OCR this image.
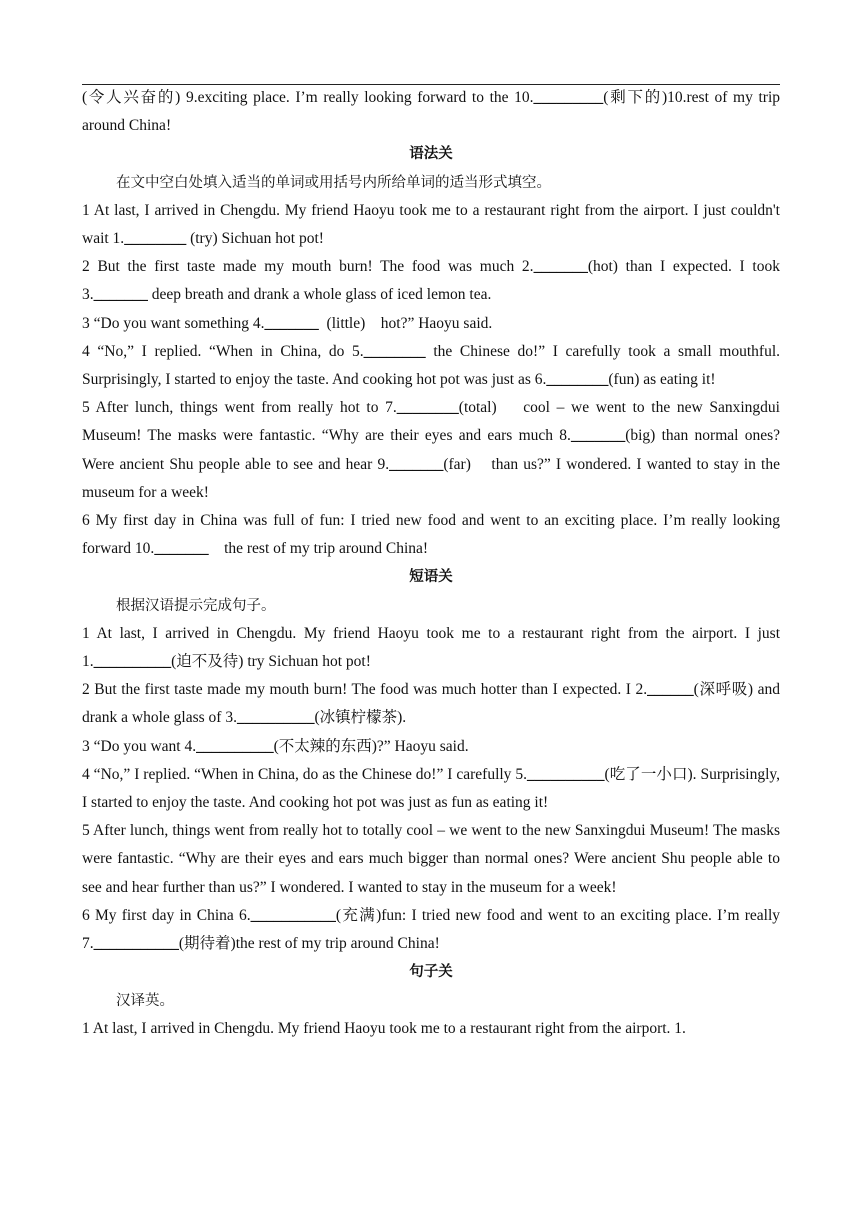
(令人兴奋的) 9.exciting place. I’m really looking forward to the 10._________(剩下的)10.rest of my trip around China!

语法关

在文中空白处填入适当的单词或用括号内所给单词的适当形式填空。

1 At last, I arrived in Chengdu. My friend Haoyu took me to a restaurant right from the airport. I just couldn't wait 1.________ (try) Sichuan hot pot!

2 But the first taste made my mouth burn! The food was much 2._______(hot) than I expected. I took 3._______ deep breath and drank a whole glass of iced lemon tea.

3 “Do you want something 4._______  (little)    hot?” Haoyu said.

4 “No,” I replied. “When in China, do 5.________ the Chinese do!” I carefully took a small mouthful. Surprisingly, I started to enjoy the taste. And cooking hot pot was just as 6.________(fun) as eating it!

5 After lunch, things went from really hot to 7.________(total)    cool – we went to the new Sanxingdui Museum! The masks were fantastic. “Why are their eyes and ears much 8._______(big) than normal ones? Were ancient Shu people able to see and hear 9._______(far)    than us?” I wondered. I wanted to stay in the museum for a week!

6 My first day in China was full of fun: I tried new food and went to an exciting place. I’m really looking forward 10._______    the rest of my trip around China!

短语关

根据汉语提示完成句子。

1 At last, I arrived in Chengdu. My friend Haoyu took me to a restaurant right from the airport. I just 1.__________(迫不及待) try Sichuan hot pot!

2 But the first taste made my mouth burn! The food was much hotter than I expected. I 2.______(深呼吸) and drank a whole glass of 3.__________(冰镇柠檬茶).

3 “Do you want 4.__________(不太辣的东西)?” Haoyu said.

4 “No,” I replied. “When in China, do as the Chinese do!” I carefully 5.__________(吃了一小口). Surprisingly, I started to enjoy the taste. And cooking hot pot was just as fun as eating it!

5 After lunch, things went from really hot to totally cool – we went to the new Sanxingdui Museum! The masks were fantastic. “Why are their eyes and ears much bigger than normal ones? Were ancient Shu people able to see and hear further than us?” I wondered. I wanted to stay in the museum for a week!

6 My first day in China 6.___________(充满)fun: I tried new food and went to an exciting place. I’m really 7.___________(期待着)the rest of my trip around China!

句子关

汉译英。

1 At last, I arrived in Chengdu. My friend Haoyu took me to a restaurant right from the airport. 1.
